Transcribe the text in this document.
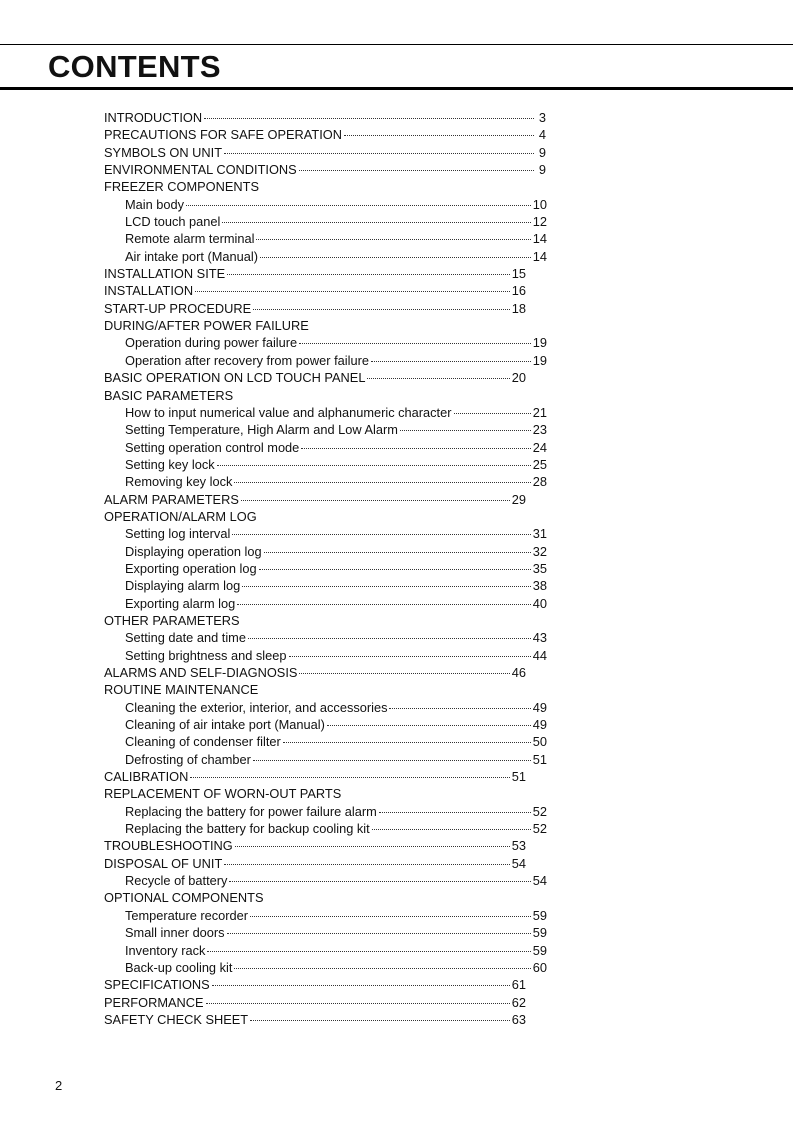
CONTENTS
INTRODUCTION	3
PRECAUTIONS FOR SAFE OPERATION	4
SYMBOLS ON UNIT	9
ENVIRONMENTAL CONDITIONS	9
FREEZER COMPONENTS
Main body	10
LCD touch panel	12
Remote alarm terminal	14
Air intake port (Manual)	14
INSTALLATION SITE	15
INSTALLATION	16
START-UP PROCEDURE	18
DURING/AFTER POWER FAILURE
Operation during power failure	19
Operation after recovery from power failure	19
BASIC OPERATION ON LCD TOUCH PANEL	20
BASIC PARAMETERS
How to input numerical value and alphanumeric character	21
Setting Temperature, High Alarm and Low Alarm	23
Setting operation control mode	24
Setting key lock	25
Removing key lock	28
ALARM PARAMETERS	29
OPERATION/ALARM LOG
Setting log interval	31
Displaying operation log	32
Exporting operation log	35
Displaying alarm log	38
Exporting alarm log	40
OTHER PARAMETERS
Setting date and time	43
Setting brightness and sleep	44
ALARMS AND SELF-DIAGNOSIS	46
ROUTINE MAINTENANCE
Cleaning the exterior, interior, and accessories	49
Cleaning of air intake port (Manual)	49
Cleaning of condenser filter	50
Defrosting of chamber	51
CALIBRATION	51
REPLACEMENT OF WORN-OUT PARTS
Replacing the battery for power failure alarm	52
Replacing the battery for backup cooling kit	52
TROUBLESHOOTING	53
DISPOSAL OF UNIT	54
Recycle of battery	54
OPTIONAL COMPONENTS
Temperature recorder	59
Small inner doors	59
Inventory rack	59
Back-up cooling kit	60
SPECIFICATIONS	61
PERFORMANCE	62
SAFETY CHECK SHEET	63
2
